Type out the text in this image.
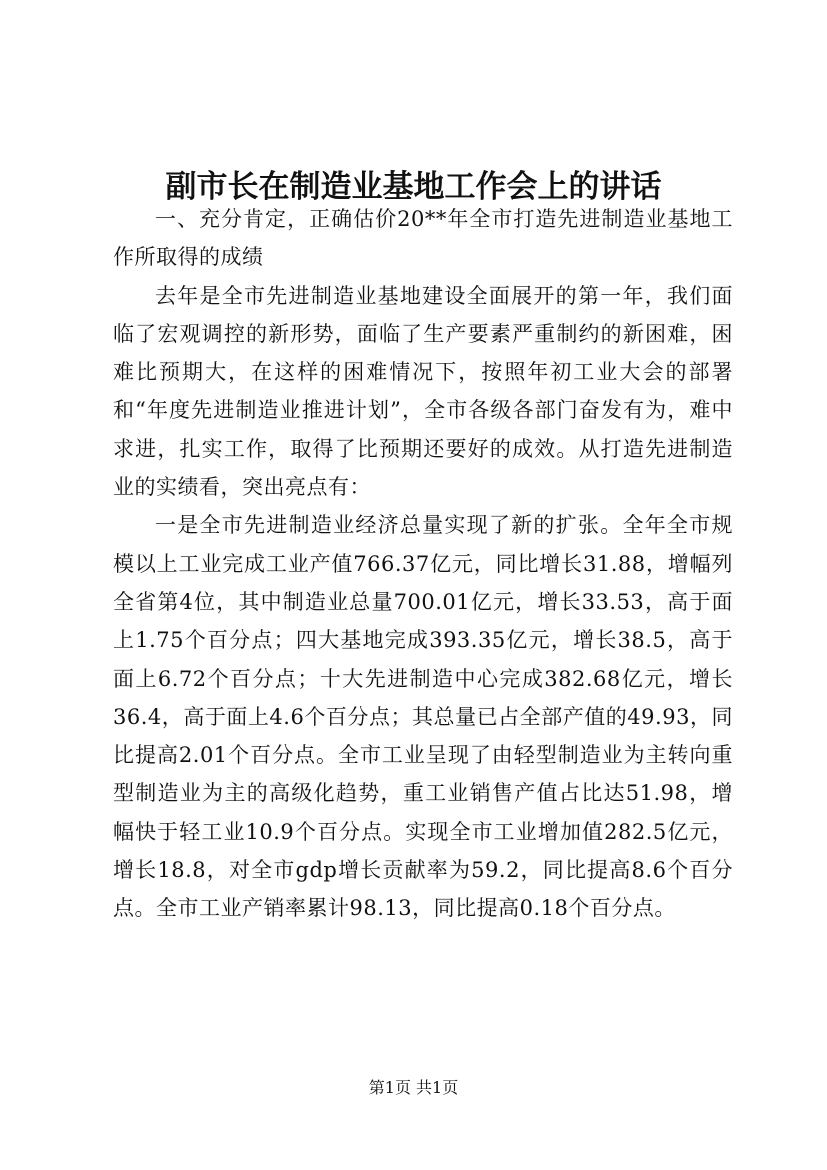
副市长在制造业基地工作会上的讲话

一、充分肯定，正确估价20**年全市打造先进制造业基地工作所取得的成绩

去年是全市先进制造业基地建设全面展开的第一年，我们面临了宏观调控的新形势，面临了生产要素严重制约的新困难，困难比预期大，在这样的困难情况下，按照年初工业大会的部署和“年度先进制造业推进计划”，全市各级各部门奋发有为，难中求进，扎实工作，取得了比预期还要好的成效。从打造先进制造业的实绩看，突出亮点有：

一是全市先进制造业经济总量实现了新的扩张。全年全市规模以上工业完成工业产值766.37亿元，同比增长31.88，增幅列全省第4位，其中制造业总量700.01亿元，增长33.53，高于面上1.75个百分点；四大基地完成393.35亿元，增长38.5，高于面上6.72个百分点；十大先进制造中心完成382.68亿元，增长36.4，高于面上4.6个百分点；其总量已占全部产值的49.93，同比提高2.01个百分点。全市工业呈现了由轻型制造业为主转向重型制造业为主的高级化趋势，重工业销售产值占比达51.98，增幅快于轻工业10.9个百分点。实现全市工业增加值282.5亿元，增长18.8，对全市gdp增长贡献率为59.2，同比提高8.6个百分点。全市工业产销率累计98.13，同比提高0.18个百分点。

第1页 共1页
